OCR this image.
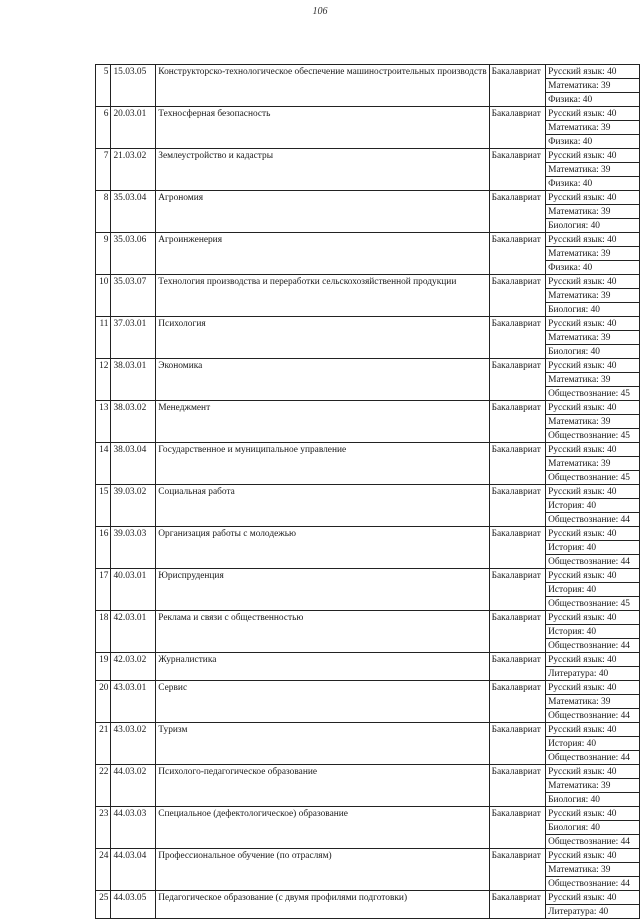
106
5	15.03.05	Конструкторско-технологическое обеспечение машиностроительных производств	Бакалавриат	Русский язык: 40
				Математика: 39
				Физика: 40
6	20.03.01	Техносферная безопасность	Бакалавриат	Русский язык: 40
				Математика: 39
				Физика: 40
7	21.03.02	Землеустройство и кадастры	Бакалавриат	Русский язык: 40
				Математика: 39
				Физика: 40
8	35.03.04	Агрономия	Бакалавриат	Русский язык: 40
				Математика: 39
				Биология: 40
9	35.03.06	Агроинженерия	Бакалавриат	Русский язык: 40
				Математика: 39
				Физика: 40
10	35.03.07	Технология производства и переработки сельскохозяйственной продукции	Бакалавриат	Русский язык: 40
				Математика: 39
				Биология: 40
11	37.03.01	Психология	Бакалавриат	Русский язык: 40
				Математика: 39
				Биология: 40
12	38.03.01	Экономика	Бакалавриат	Русский язык: 40
				Математика: 39
				Обществознание: 45
13	38.03.02	Менеджмент	Бакалавриат	Русский язык: 40
				Математика: 39
				Обществознание: 45
14	38.03.04	Государственное и муниципальное управление	Бакалавриат	Русский язык: 40
				Математика: 39
				Обществознание: 45
15	39.03.02	Социальная работа	Бакалавриат	Русский язык: 40
				История: 40
				Обществознание: 44
16	39.03.03	Организация работы с молодежью	Бакалавриат	Русский язык: 40
				История: 40
				Обществознание: 44
17	40.03.01	Юриспруденция	Бакалавриат	Русский язык: 40
				История: 40
				Обществознание: 45
18	42.03.01	Реклама и связи с общественностью	Бакалавриат	Русский язык: 40
				История: 40
				Обществознание: 44
19	42.03.02	Журналистика	Бакалавриат	Русский язык: 40
				Литература: 40
20	43.03.01	Сервис	Бакалавриат	Русский язык: 40
				Математика: 39
				Обществознание: 44
21	43.03.02	Туризм	Бакалавриат	Русский язык: 40
				История: 40
				Обществознание: 44
22	44.03.02	Психолого-педагогическое образование	Бакалавриат	Русский язык: 40
				Математика: 39
				Биология: 40
23	44.03.03	Специальное (дефектологическое) образование	Бакалавриат	Русский язык: 40
				Биология: 40
				Обществознание: 44
24	44.03.04	Профессиональное обучение (по отраслям)	Бакалавриат	Русский язык: 40
				Математика: 39
				Обществознание: 44
25	44.03.05	Педагогическое образование (с двумя профилями подготовки)	Бакалавриат	Русский язык: 40
				Литература: 40
